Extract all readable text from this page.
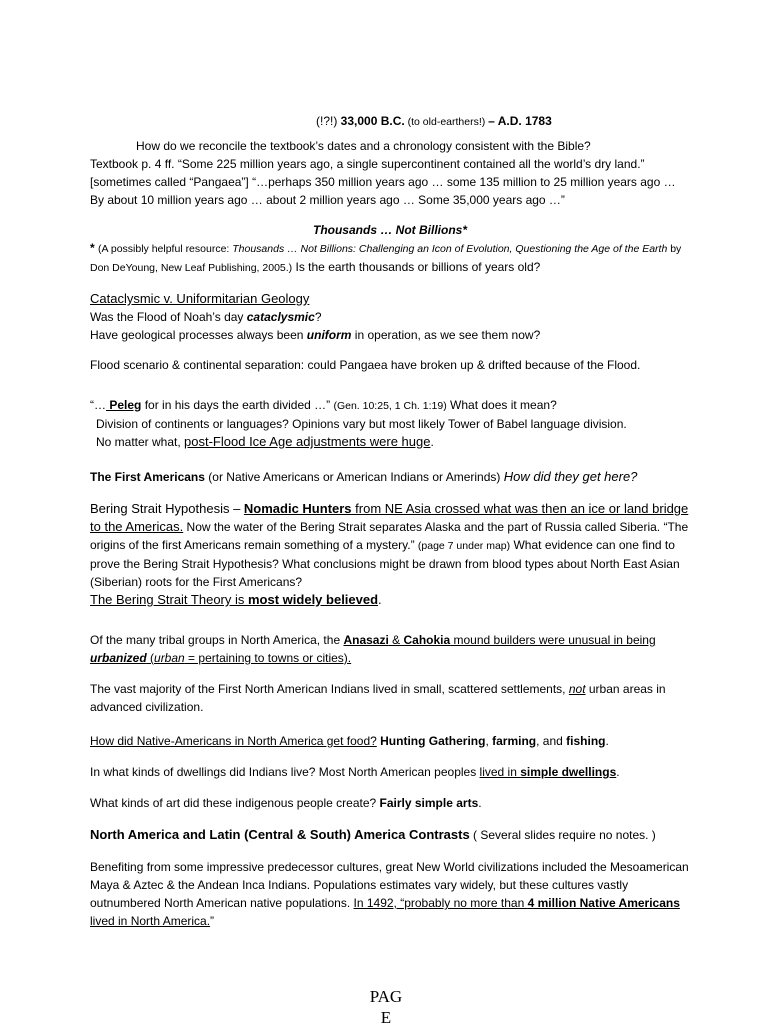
(!?!) 33,000 B.C. (to old-earthers!) – A.D. 1783

How do we reconcile the textbook’s dates and a chronology consistent with the Bible?

Textbook p. 4 ff. “Some 225 million years ago, a single supercontinent contained all the world’s dry land.” [sometimes called “Pangaea”] “…perhaps 350 million years ago … some 135 million to 25 million years ago … By about 10 million years ago … about 2 million years ago … Some 35,000 years ago …”

Thousands … Not Billions*

* (A possibly helpful resource: Thousands … Not Billions: Challenging an Icon of Evolution, Questioning the Age of the Earth by Don DeYoung, New Leaf Publishing, 2005.) Is the earth thousands or billions of years old?

Cataclysmic v. Uniformitarian Geology

Was the Flood of Noah’s day cataclysmic?

Have geological processes always been uniform in operation, as we see them now?

Flood scenario & continental separation: could Pangaea have broken up & drifted because of the Flood.

“… Peleg for in his days the earth divided …” (Gen. 10:25, 1 Ch. 1:19) What does it mean?

Division of continents or languages? Opinions vary but most likely Tower of Babel language division.

No matter what, post-Flood Ice Age adjustments were huge.

The First Americans (or Native Americans or American Indians or Amerinds) How did they get here?

Bering Strait Hypothesis – Nomadic Hunters from NE Asia crossed what was then an ice or land bridge to the Americas. Now the water of the Bering Strait separates Alaska and the part of Russia called Siberia. “The origins of the first Americans remain something of a mystery.” (page 7 under map) What evidence can one find to prove the Bering Strait Hypothesis? What conclusions might be drawn from blood types about North East Asian (Siberian) roots for the First Americans?

The Bering Strait Theory is most widely believed.

Of the many tribal groups in North America, the Anasazi & Cahokia mound builders were unusual in being urbanized (urban = pertaining to towns or cities).

The vast majority of the First North American Indians lived in small, scattered settlements, not urban areas in advanced civilization.

How did Native-Americans in North America get food? Hunting Gathering, farming, and fishing.

In what kinds of dwellings did Indians live? Most North American peoples lived in simple dwellings.

What kinds of art did these indigenous people create? Fairly simple arts.

North America and Latin (Central & South) America Contrasts ( Several slides require no notes. )

Benefiting from some impressive predecessor cultures, great New World civilizations included the Mesoamerican Maya & Aztec & the Andean Inca Indians. Populations estimates vary widely, but these cultures vastly outnumbered North American native populations. In 1492, “probably no more than 4 million Native Americans lived in North America.”

PAG
E
